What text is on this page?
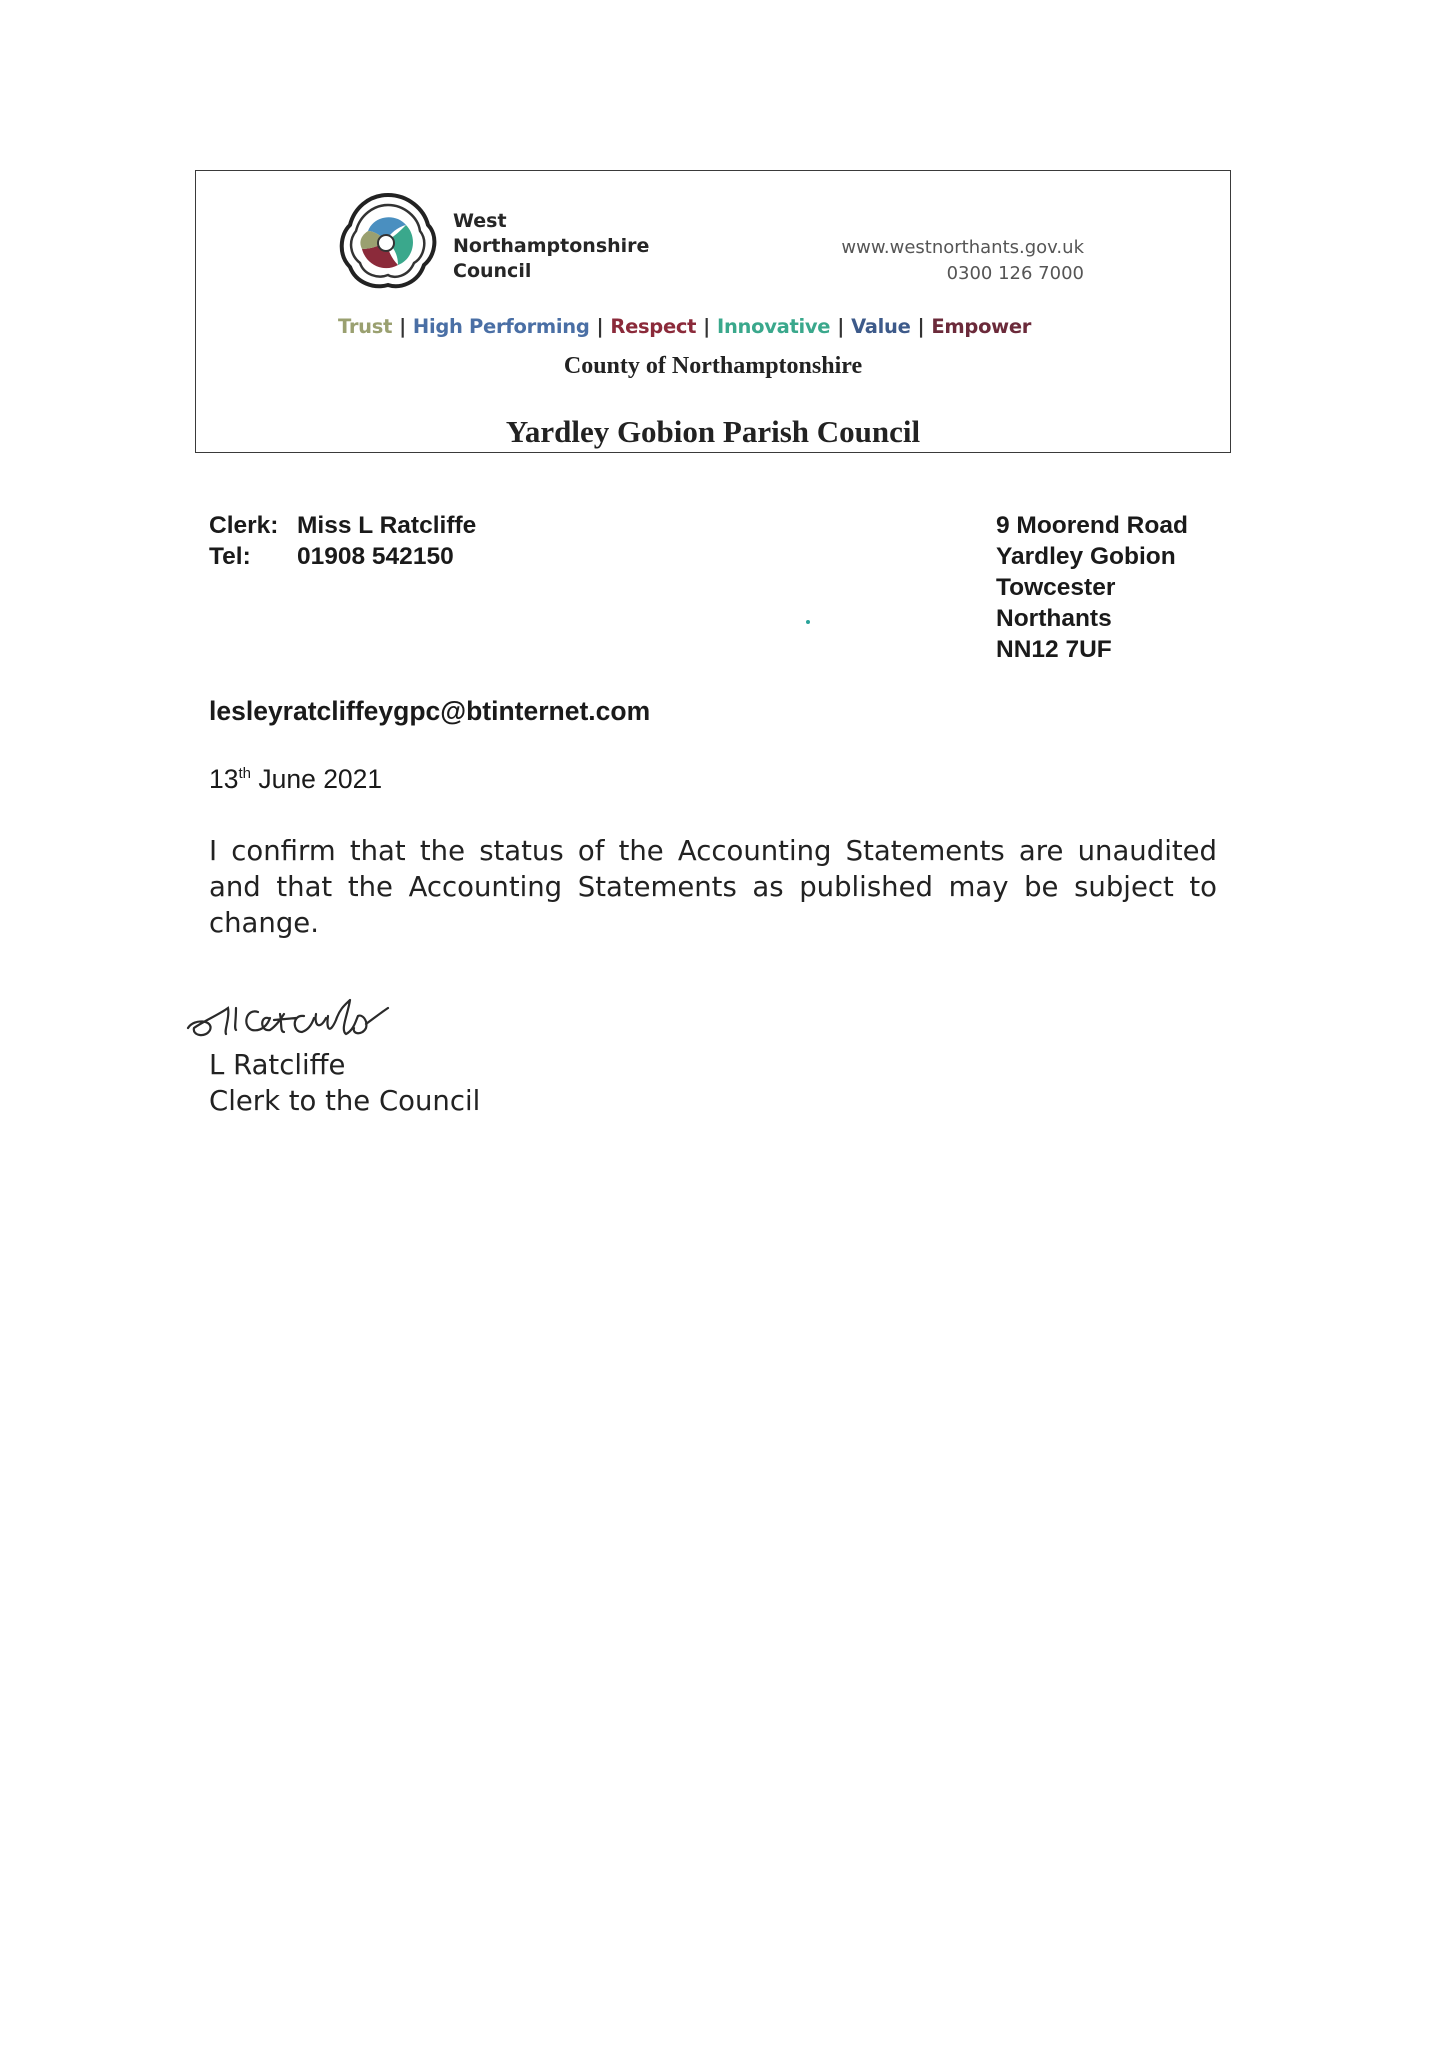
West
Northamptonshire
Council
www.westnorthants.gov.uk
0300 126 7000
Trust | High Performing | Respect | Innovative | Value | Empower
County of Northamptonshire
Yardley Gobion Parish Council
Clerk: Miss L Ratcliffe
Tel:	01908 542150
9 Moorend Road
Yardley Gobion
Towcester
Northants
NN12 7UF
lesleyratcliffeygpc@btinternet.com
13th June 2021
I confirm that the status of the Accounting Statements are unaudited and that the Accounting Statements as published may be subject to change.
L Ratcliffe
Clerk to the Council
